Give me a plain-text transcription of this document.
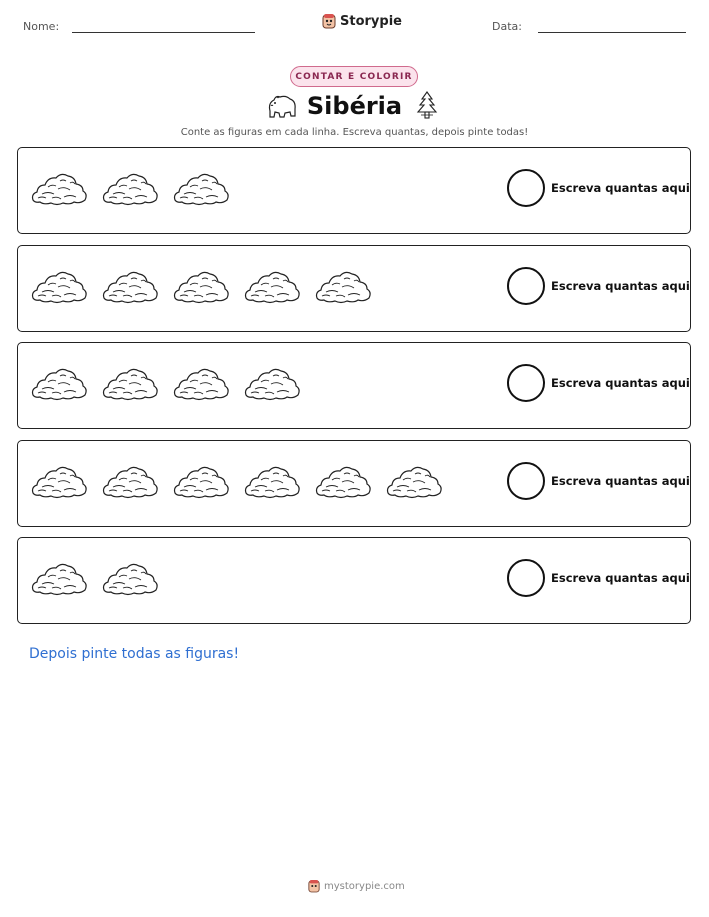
Nome:	Storypie	Data:
CONTAR E COLORIR
Sibéria
Conte as figuras em cada linha. Escreva quantas, depois pinte todas!
Escreva quantas aqui
Escreva quantas aqui
Escreva quantas aqui
Escreva quantas aqui
Escreva quantas aqui
Depois pinte todas as figuras!
mystorypie.com
